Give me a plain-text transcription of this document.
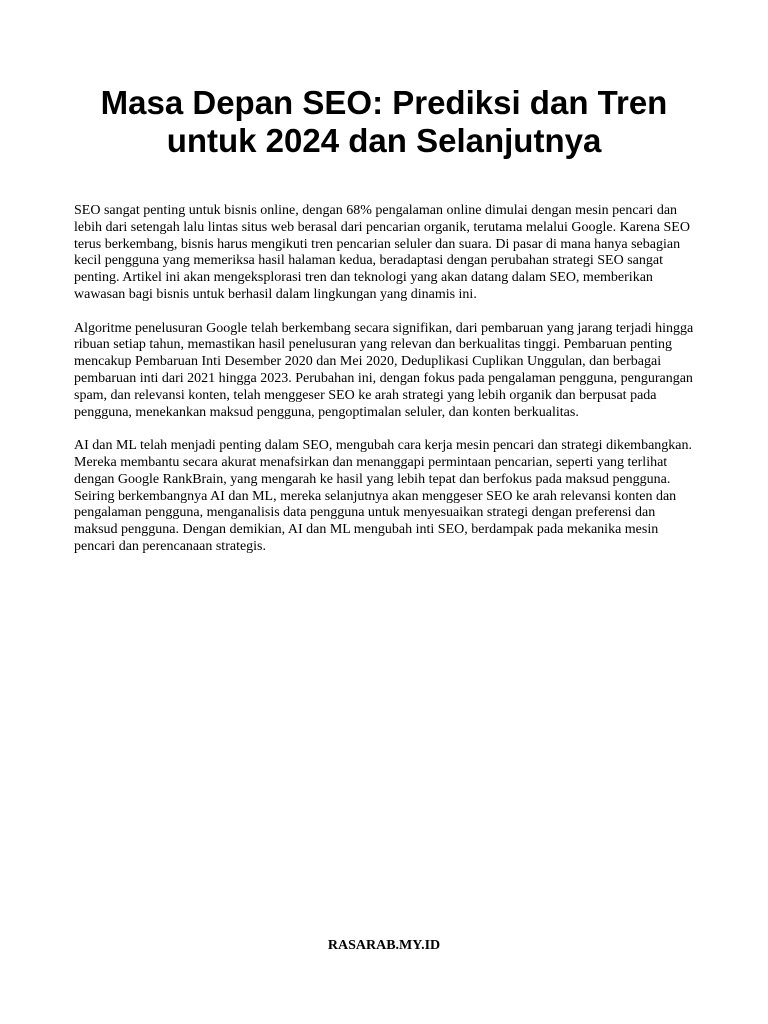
Masa Depan SEO: Prediksi dan Tren untuk 2024 dan Selanjutnya

SEO sangat penting untuk bisnis online, dengan 68% pengalaman online dimulai dengan mesin pencari dan lebih dari setengah lalu lintas situs web berasal dari pencarian organik, terutama melalui Google. Karena SEO terus berkembang, bisnis harus mengikuti tren pencarian seluler dan suara. Di pasar di mana hanya sebagian kecil pengguna yang memeriksa hasil halaman kedua, beradaptasi dengan perubahan strategi SEO sangat penting. Artikel ini akan mengeksplorasi tren dan teknologi yang akan datang dalam SEO, memberikan wawasan bagi bisnis untuk berhasil dalam lingkungan yang dinamis ini.

Algoritme penelusuran Google telah berkembang secara signifikan, dari pembaruan yang jarang terjadi hingga ribuan setiap tahun, memastikan hasil penelusuran yang relevan dan berkualitas tinggi. Pembaruan penting mencakup Pembaruan Inti Desember 2020 dan Mei 2020, Deduplikasi Cuplikan Unggulan, dan berbagai pembaruan inti dari 2021 hingga 2023. Perubahan ini, dengan fokus pada pengalaman pengguna, pengurangan spam, dan relevansi konten, telah menggeser SEO ke arah strategi yang lebih organik dan berpusat pada pengguna, menekankan maksud pengguna, pengoptimalan seluler, dan konten berkualitas.

AI dan ML telah menjadi penting dalam SEO, mengubah cara kerja mesin pencari dan strategi dikembangkan. Mereka membantu secara akurat menafsirkan dan menanggapi permintaan pencarian, seperti yang terlihat dengan Google RankBrain, yang mengarah ke hasil yang lebih tepat dan berfokus pada maksud pengguna. Seiring berkembangnya AI dan ML, mereka selanjutnya akan menggeser SEO ke arah relevansi konten dan pengalaman pengguna, menganalisis data pengguna untuk menyesuaikan strategi dengan preferensi dan maksud pengguna. Dengan demikian, AI dan ML mengubah inti SEO, berdampak pada mekanika mesin pencari dan perencanaan strategis.

RASARAB.MY.ID
